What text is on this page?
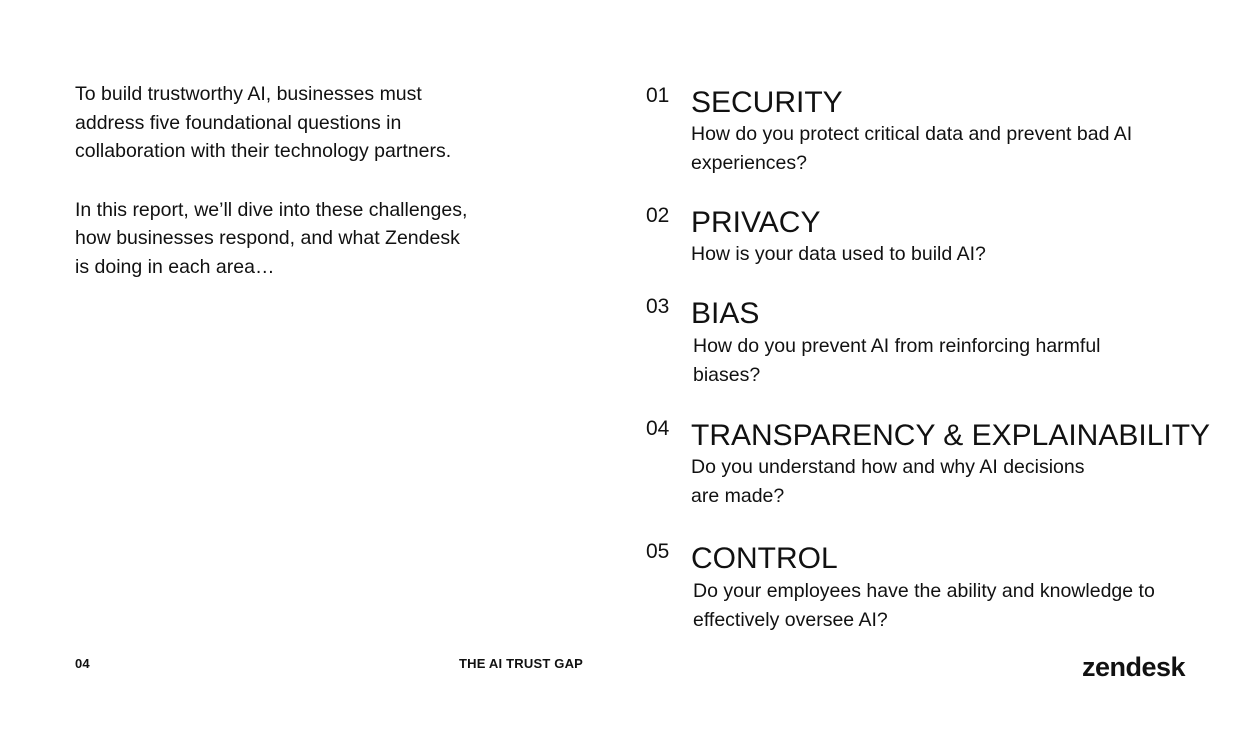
To build trustworthy AI, businesses must address five foundational questions in collaboration with their technology partners.

In this report, we’ll dive into these challenges, how businesses respond, and what Zendesk is doing in each area…

01 SECURITY
How do you protect critical data and prevent bad AI experiences?
02 PRIVACY
How is your data used to build AI?
03 BIAS
How do you prevent AI from reinforcing harmful biases?
04 TRANSPARENCY & EXPLAINABILITY
Do you understand how and why AI decisions are made?
05 CONTROL
Do your employees have the ability and knowledge to effectively oversee AI?
04	THE AI TRUST GAP	zendesk
